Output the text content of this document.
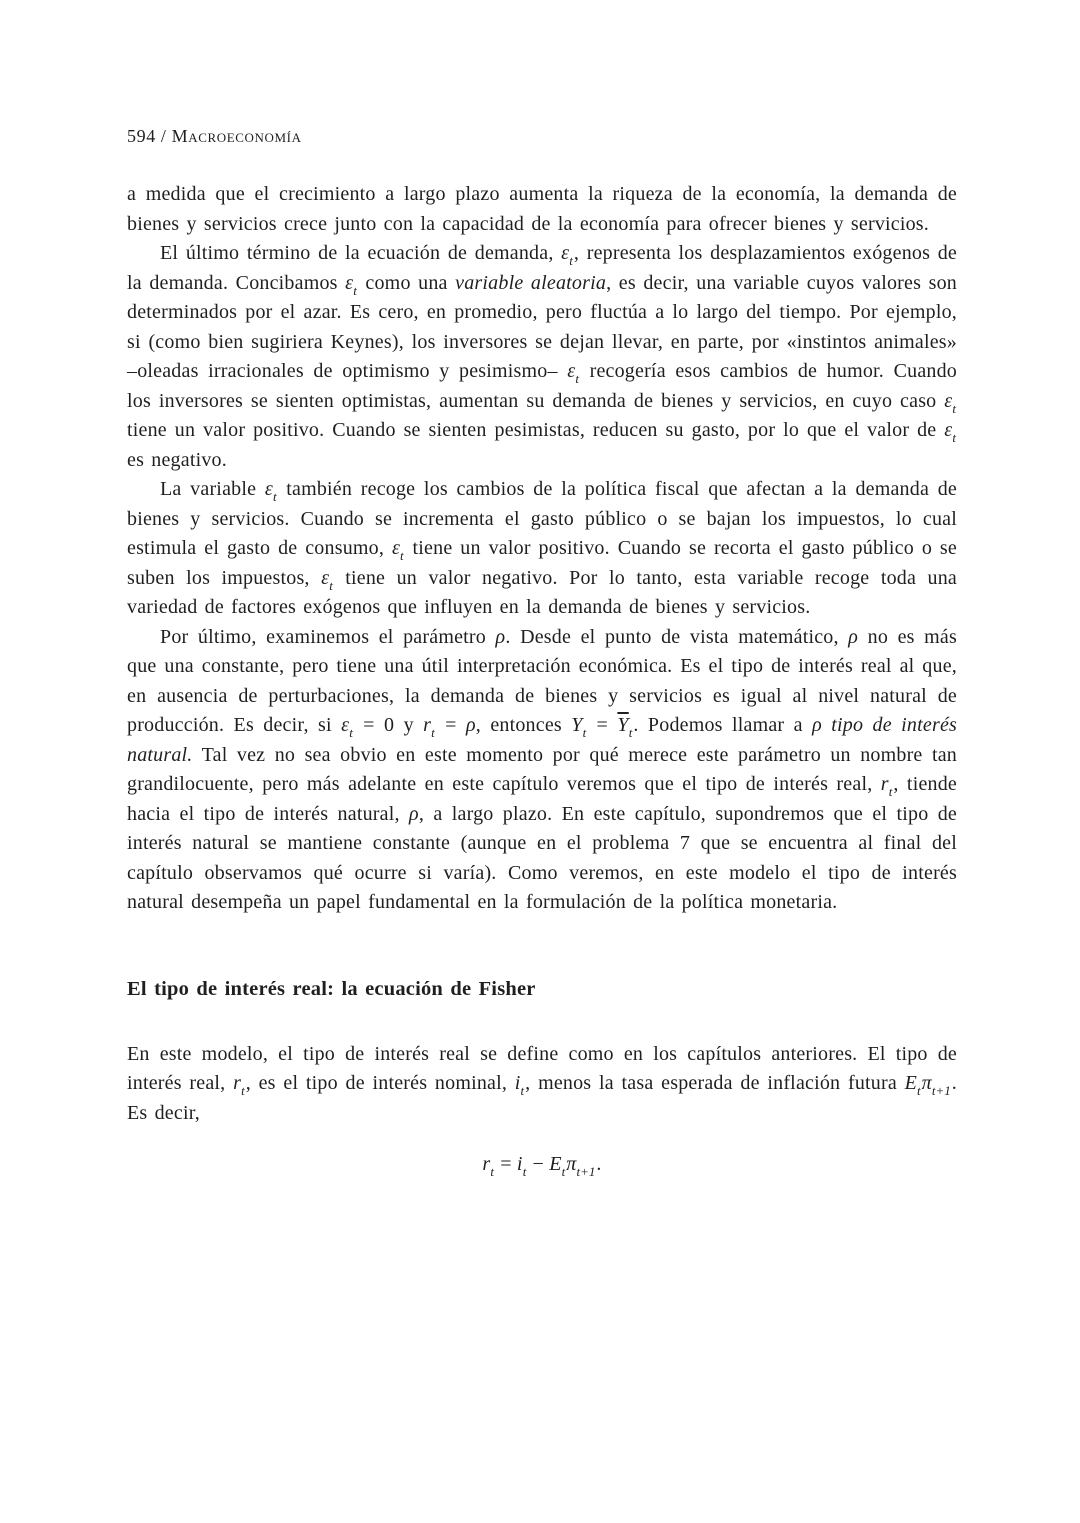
594 / Macroeconomía

a medida que el crecimiento a largo plazo aumenta la riqueza de la economía, la demanda de bienes y servicios crece junto con la capacidad de la economía para ofrecer bienes y servicios.

El último término de la ecuación de demanda, $\varepsilon_t$, representa los desplazamientos exógenos de la demanda. Concibamos $\varepsilon_t$ como una variable aleatoria, es decir, una variable cuyos valores son determinados por el azar. Es cero, en promedio, pero fluctúa a lo largo del tiempo. Por ejemplo, si (como bien sugiriera Keynes), los inversores se dejan llevar, en parte, por «instintos animales» –oleadas irracionales de optimismo y pesimismo– $\varepsilon_t$ recogería esos cambios de humor. Cuando los inversores se sienten optimistas, aumentan su demanda de bienes y servicios, en cuyo caso $\varepsilon_t$ tiene un valor positivo. Cuando se sienten pesimistas, reducen su gasto, por lo que el valor de $\varepsilon_t$ es negativo.

La variable $\varepsilon_t$ también recoge los cambios de la política fiscal que afectan a la demanda de bienes y servicios. Cuando se incrementa el gasto público o se bajan los impuestos, lo cual estimula el gasto de consumo, $\varepsilon_t$ tiene un valor positivo. Cuando se recorta el gasto público o se suben los impuestos, $\varepsilon_t$ tiene un valor negativo. Por lo tanto, esta variable recoge toda una variedad de factores exógenos que influyen en la demanda de bienes y servicios.

Por último, examinemos el parámetro ρ. Desde el punto de vista matemático, ρ no es más que una constante, pero tiene una útil interpretación económica. Es el tipo de interés real al que, en ausencia de perturbaciones, la demanda de bienes y servicios es igual al nivel natural de producción. Es decir, si $\varepsilon_t = 0$ y $r_t = \rho$, entonces $Y_t = \overline{Y}_t$. Podemos llamar a ρ tipo de interés natural. Tal vez no sea obvio en este momento por qué merece este parámetro un nombre tan grandilocuente, pero más adelante en este capítulo veremos que el tipo de interés real, $r_t$, tiende hacia el tipo de interés natural, ρ, a largo plazo. En este capítulo, supondremos que el tipo de interés natural se mantiene constante (aunque en el problema 7 que se encuentra al final del capítulo observamos qué ocurre si varía). Como veremos, en este modelo el tipo de interés natural desempeña un papel fundamental en la formulación de la política monetaria.

El tipo de interés real: la ecuación de Fisher

En este modelo, el tipo de interés real se define como en los capítulos anteriores. El tipo de interés real, $r_t$, es el tipo de interés nominal, $i_t$, menos la tasa esperada de inflación futura $E_t\pi_{t+1}$. Es decir,

$r_t = i_t - E_t\pi_{t+1}$.
